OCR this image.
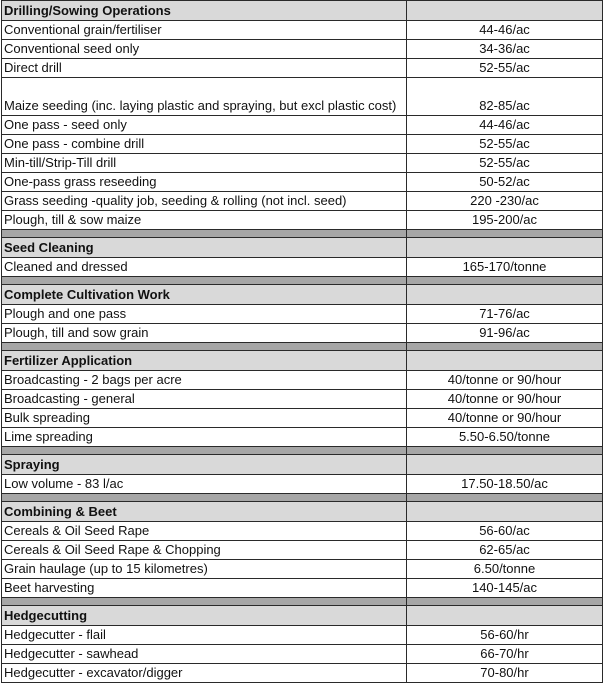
Drilling/Sowing Operations	
Conventional grain/fertiliser	44-46/ac
Conventional seed only	34-36/ac
Direct drill	52-55/ac
Maize seeding (inc. laying plastic and spraying, but excl plastic cost)	82-85/ac
One pass - seed only	44-46/ac
One pass - combine drill	52-55/ac
Min-till/Strip-Till drill	52-55/ac
One-pass grass reseeding	50-52/ac
Grass seeding -quality job, seeding & rolling (not incl. seed)	220 -230/ac
Plough, till & sow maize	195-200/ac

Seed Cleaning	
Cleaned and dressed	165-170/tonne

Complete Cultivation Work	
Plough and one pass	71-76/ac
Plough, till and sow grain	91-96/ac

Fertilizer Application	
Broadcasting - 2 bags per acre	40/tonne or 90/hour
Broadcasting - general	40/tonne or 90/hour
Bulk spreading	40/tonne or 90/hour
Lime spreading	5.50-6.50/tonne

Spraying	
Low volume - 83 l/ac	17.50-18.50/ac

Combining & Beet	
Cereals & Oil Seed Rape	56-60/ac
Cereals & Oil Seed Rape & Chopping	62-65/ac
Grain haulage (up to 15 kilometres)	6.50/tonne
Beet harvesting	140-145/ac

Hedgecutting	
Hedgecutter - flail	56-60/hr
Hedgecutter - sawhead	66-70/hr
Hedgecutter - excavator/digger	70-80/hr
